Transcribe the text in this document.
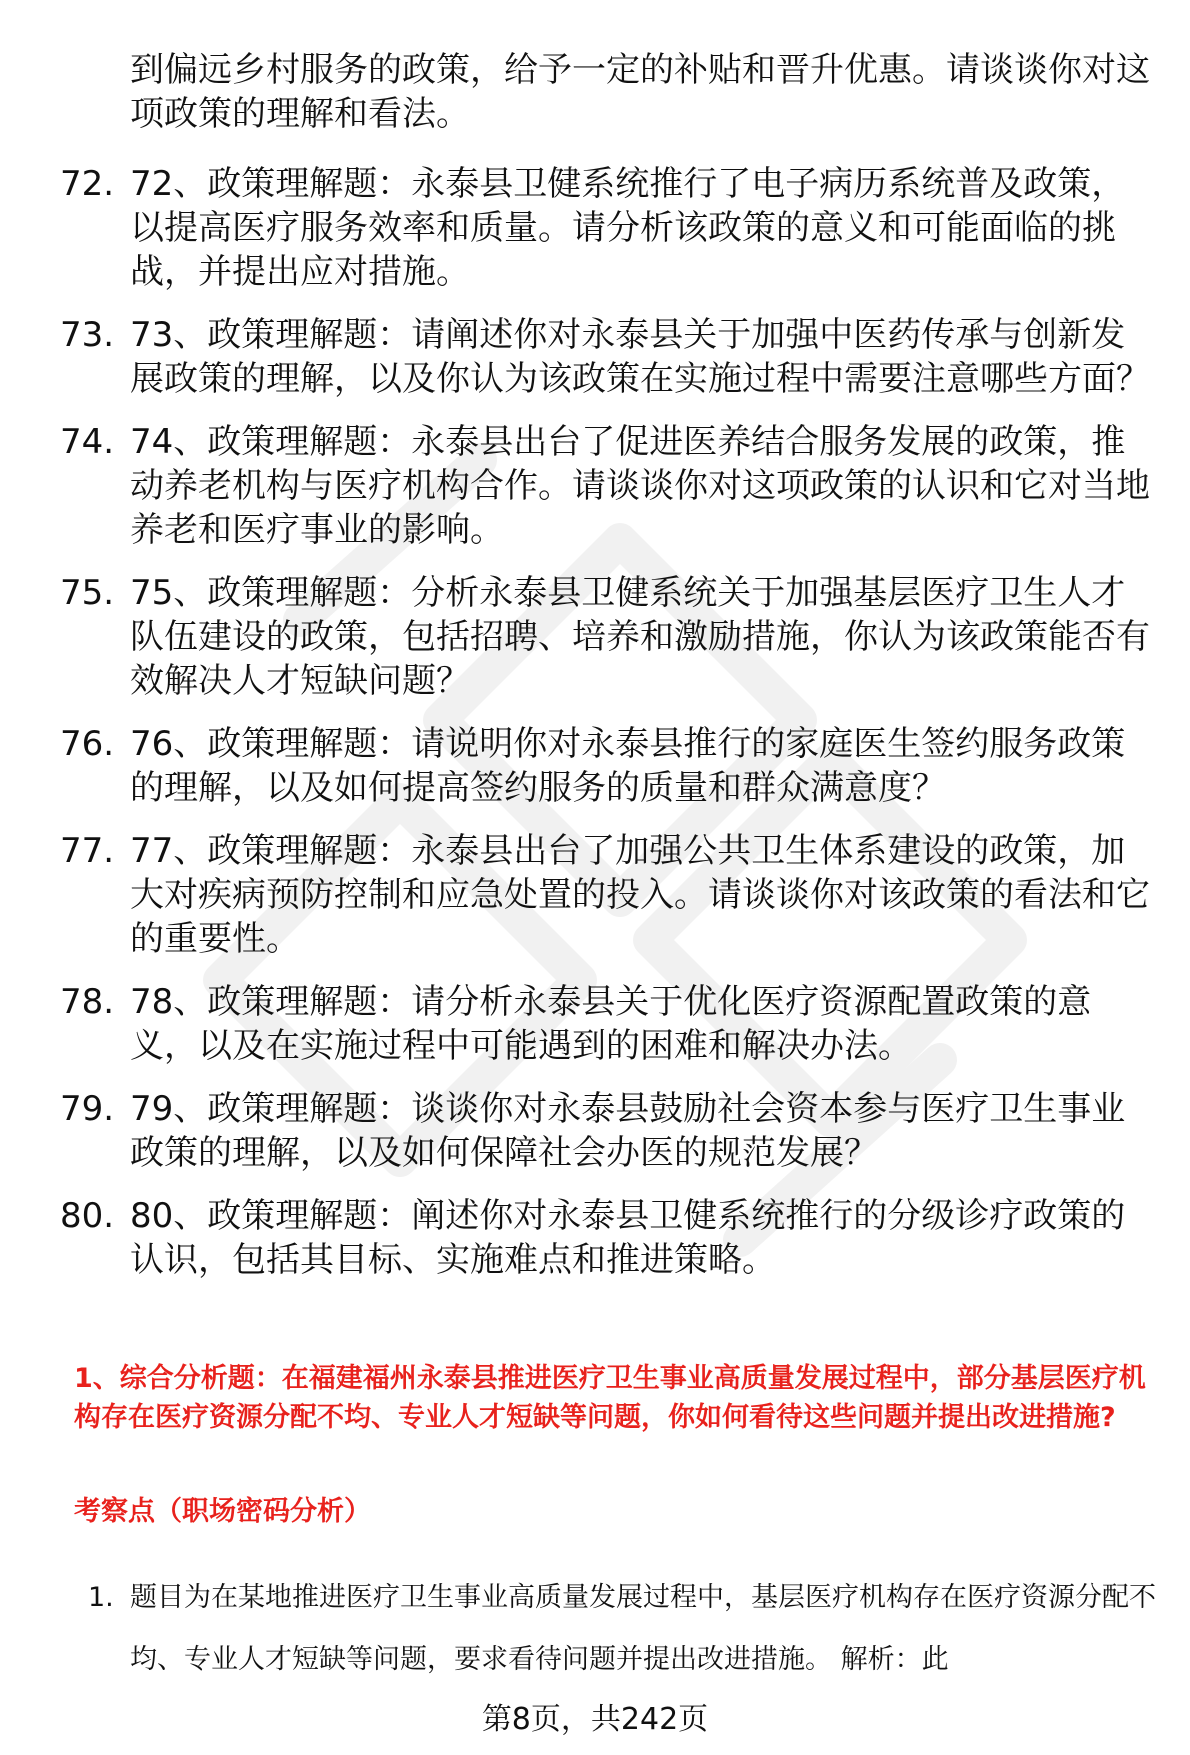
到偏远乡村服务的政策，给予一定的补贴和晋升优惠。请谈谈你对这项政策的理解和看法。
72. 72、政策理解题：永泰县卫健系统推行了电子病历系统普及政策，以提高医疗服务效率和质量。请分析该政策的意义和可能面临的挑战，并提出应对措施。
73. 73、政策理解题：请阐述你对永泰县关于加强中医药传承与创新发展政策的理解，以及你认为该政策在实施过程中需要注意哪些方面？
74. 74、政策理解题：永泰县出台了促进医养结合服务发展的政策，推动养老机构与医疗机构合作。请谈谈你对这项政策的认识和它对当地养老和医疗事业的影响。
75. 75、政策理解题：分析永泰县卫健系统关于加强基层医疗卫生人才队伍建设的政策，包括招聘、培养和激励措施，你认为该政策能否有效解决人才短缺问题？
76. 76、政策理解题：请说明你对永泰县推行的家庭医生签约服务政策的理解，以及如何提高签约服务的质量和群众满意度？
77. 77、政策理解题：永泰县出台了加强公共卫生体系建设的政策，加大对疾病预防控制和应急处置的投入。请谈谈你对该政策的看法和它的重要性。
78. 78、政策理解题：请分析永泰县关于优化医疗资源配置政策的意义，以及在实施过程中可能遇到的困难和解决办法。
79. 79、政策理解题：谈谈你对永泰县鼓励社会资本参与医疗卫生事业政策的理解，以及如何保障社会办医的规范发展？
80. 80、政策理解题：阐述你对永泰县卫健系统推行的分级诊疗政策的认识，包括其目标、实施难点和推进策略。
1、综合分析题：在福建福州永泰县推进医疗卫生事业高质量发展过程中，部分基层医疗机构存在医疗资源分配不均、专业人才短缺等问题，你如何看待这些问题并提出改进措施?
考察点（职场密码分析）
1. 题目为在某地推进医疗卫生事业高质量发展过程中，基层医疗机构存在医疗资源分配不均、专业人才短缺等问题，要求看待问题并提出改进措施。 解析：此
第8页，共242页
